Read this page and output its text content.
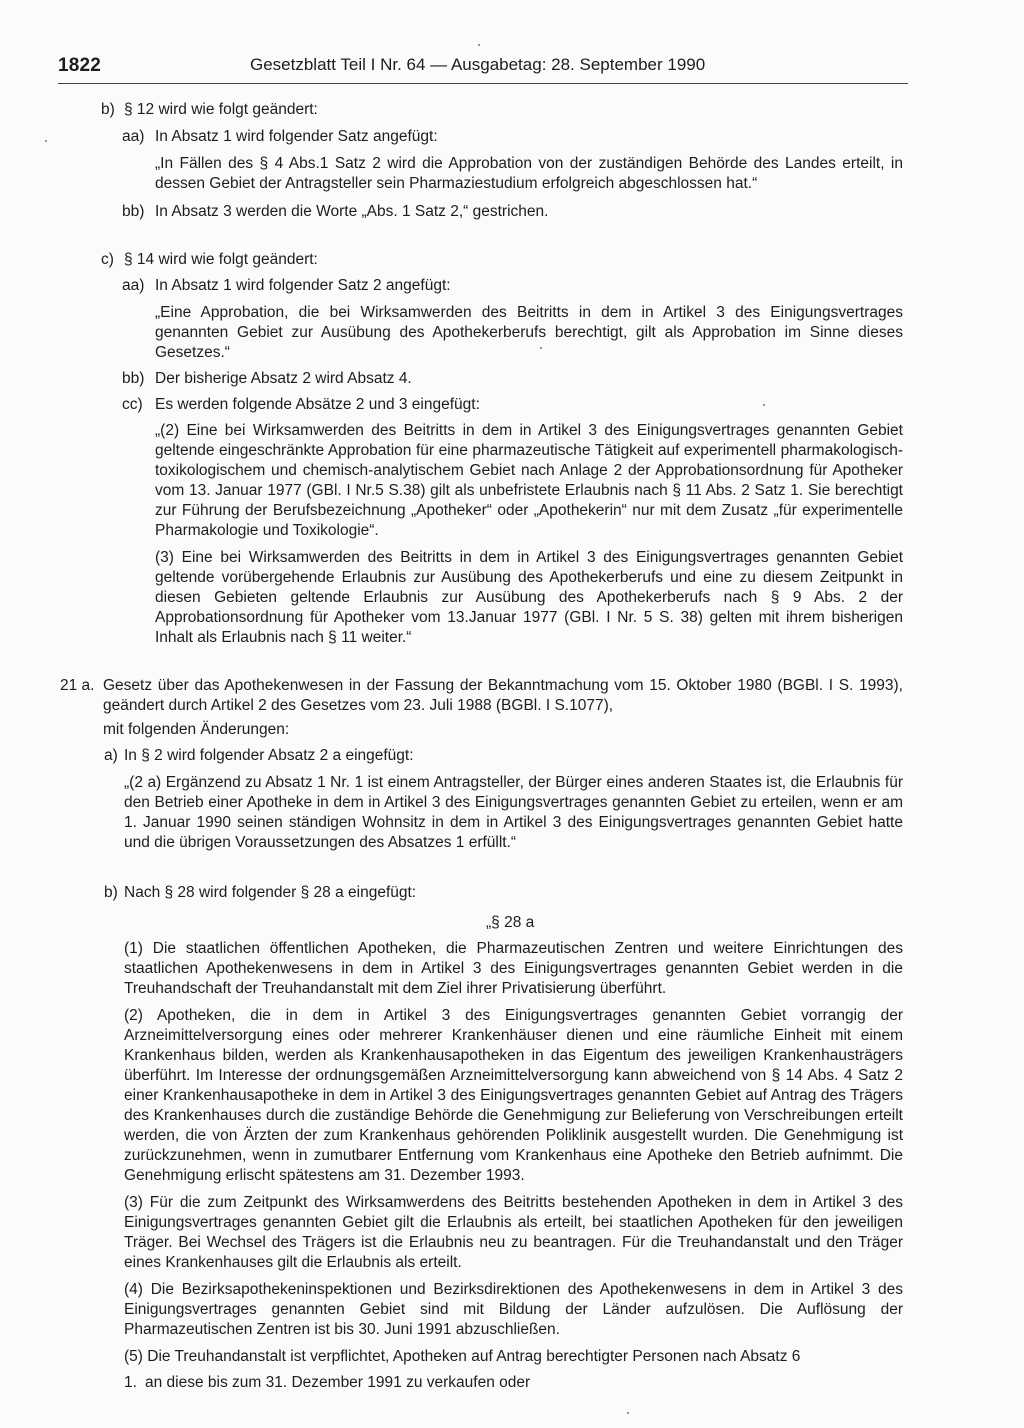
1822	Gesetzblatt Teil I Nr. 64 — Ausgabetag: 28. September 1990
b) § 12 wird wie folgt geändert:
aa) In Absatz 1 wird folgender Satz angefügt:
„In Fällen des § 4 Abs.1 Satz 2 wird die Approbation von der zuständigen Behörde des Landes erteilt, in dessen Gebiet der Antragsteller sein Pharmaziestudium erfolgreich abgeschlossen hat.“
bb) In Absatz 3 werden die Worte „Abs. 1 Satz 2,“ gestrichen.
c) § 14 wird wie folgt geändert:
aa) In Absatz 1 wird folgender Satz 2 angefügt:
„Eine Approbation, die bei Wirksamwerden des Beitritts in dem in Artikel 3 des Einigungsvertrages genannten Gebiet zur Ausübung des Apothekerberufs berechtigt, gilt als Approbation im Sinne dieses Gesetzes.“
bb) Der bisherige Absatz 2 wird Absatz 4.
cc) Es werden folgende Absätze 2 und 3 eingefügt:
„(2) Eine bei Wirksamwerden des Beitritts in dem in Artikel 3 des Einigungsvertrages genannten Gebiet geltende eingeschränkte Approbation für eine pharmazeutische Tätigkeit auf experimentell pharmakologisch-toxikologischem und chemisch-analytischem Gebiet nach Anlage 2 der Approbationsordnung für Apotheker vom 13. Januar 1977 (GBl. I Nr.5 S.38) gilt als unbefristete Erlaubnis nach § 11 Abs. 2 Satz 1. Sie berechtigt zur Führung der Berufsbezeichnung „Apotheker“ oder „Apothekerin“ nur mit dem Zusatz „für experimentelle Pharmakologie und Toxikologie“.
(3) Eine bei Wirksamwerden des Beitritts in dem in Artikel 3 des Einigungsvertrages genannten Gebiet geltende vorübergehende Erlaubnis zur Ausübung des Apothekerberufs und eine zu diesem Zeitpunkt in diesen Gebieten geltende Erlaubnis zur Ausübung des Apothekerberufs nach § 9 Abs. 2 der Approbationsordnung für Apotheker vom 13.Januar 1977 (GBl. I Nr. 5 S. 38) gelten mit ihrem bisherigen Inhalt als Erlaubnis nach § 11 weiter.“
21 a. Gesetz über das Apothekenwesen in der Fassung der Bekanntmachung vom 15. Oktober 1980 (BGBl. I S. 1993), geändert durch Artikel 2 des Gesetzes vom 23. Juli 1988 (BGBl. I S.1077),
mit folgenden Änderungen:
a) In § 2 wird folgender Absatz 2 a eingefügt:
„(2 a) Ergänzend zu Absatz 1 Nr. 1 ist einem Antragsteller, der Bürger eines anderen Staates ist, die Erlaubnis für den Betrieb einer Apotheke in dem in Artikel 3 des Einigungsvertrages genannten Gebiet zu erteilen, wenn er am 1. Januar 1990 seinen ständigen Wohnsitz in dem in Artikel 3 des Einigungsvertrages genannten Gebiet hatte und die übrigen Voraussetzungen des Absatzes 1 erfüllt.“
b) Nach § 28 wird folgender § 28 a eingefügt:
„§ 28 a
(1) Die staatlichen öffentlichen Apotheken, die Pharmazeutischen Zentren und weitere Einrichtungen des staatlichen Apothekenwesens in dem in Artikel 3 des Einigungsvertrages genannten Gebiet werden in die Treuhandschaft der Treuhandanstalt mit dem Ziel ihrer Privatisierung überführt.
(2) Apotheken, die in dem in Artikel 3 des Einigungsvertrages genannten Gebiet vorrangig der Arzneimittelversorgung eines oder mehrerer Krankenhäuser dienen und eine räumliche Einheit mit einem Krankenhaus bilden, werden als Krankenhausapotheken in das Eigentum des jeweiligen Krankenhausträgers überführt. Im Interesse der ordnungsgemäßen Arzneimittelversorgung kann abweichend von § 14 Abs. 4 Satz 2 einer Krankenhausapotheke in dem in Artikel 3 des Einigungsvertrages genannten Gebiet auf Antrag des Trägers des Krankenhauses durch die zuständige Behörde die Genehmigung zur Belieferung von Verschreibungen erteilt werden, die von Ärzten der zum Krankenhaus gehörenden Poliklinik ausgestellt wurden. Die Genehmigung ist zurückzunehmen, wenn in zumutbarer Entfernung vom Krankenhaus eine Apotheke den Betrieb aufnimmt. Die Genehmigung erlischt spätestens am 31. Dezember 1993.
(3) Für die zum Zeitpunkt des Wirksamwerdens des Beitritts bestehenden Apotheken in dem in Artikel 3 des Einigungsvertrages genannten Gebiet gilt die Erlaubnis als erteilt, bei staatlichen Apotheken für den jeweiligen Träger. Bei Wechsel des Trägers ist die Erlaubnis neu zu beantragen. Für die Treuhandanstalt und den Träger eines Krankenhauses gilt die Erlaubnis als erteilt.
(4) Die Bezirksapothekeninspektionen und Bezirksdirektionen des Apothekenwesens in dem in Artikel 3 des Einigungsvertrages genannten Gebiet sind mit Bildung der Länder aufzulösen. Die Auflösung der Pharmazeutischen Zentren ist bis 30. Juni 1991 abzuschließen.
(5) Die Treuhandanstalt ist verpflichtet, Apotheken auf Antrag berechtigter Personen nach Absatz 6
1. an diese bis zum 31. Dezember 1991 zu verkaufen oder
